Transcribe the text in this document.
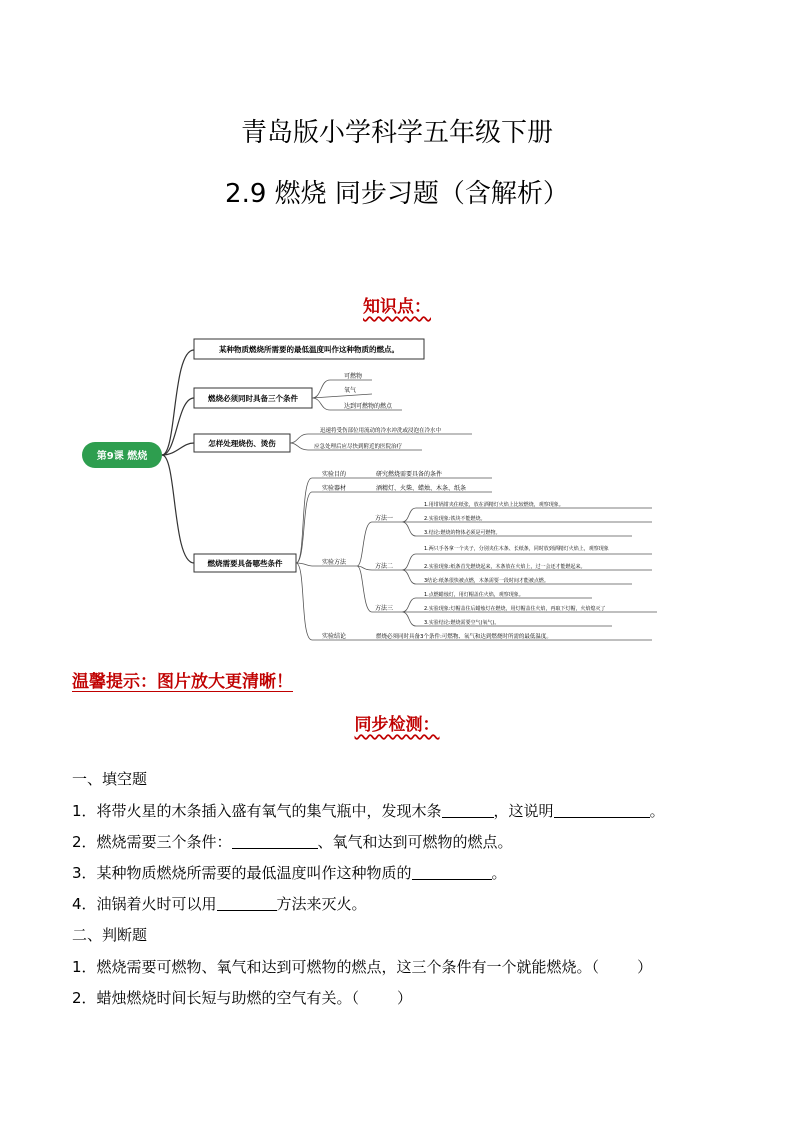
青岛版小学科学五年级下册
2.9 燃烧 同步习题（含解析）
知识点：
第9课 燃烧
某种物质燃烧所需要的最低温度叫作这种物质的燃点。
燃烧必须同时具备三个条件
可燃物
氧气
达到可燃物的燃点
怎样处理烧伤、烫伤
迅速将受伤部位用流动的冷水冲洗或浸泡在冷水中
应急处理后应尽快到附近的医院治疗
燃烧需要具备哪些条件
实验目的	研究燃烧需要具备的条件
实验器材	酒精灯、火柴、蜡烛、木条、纸条
实验方法
方法一
1.用坩埚钳夹住纸张，放在酒精灯火焰上比较燃烧，观察现象。
2.实验现象:铁块不能燃烧。
3.结论:燃烧的物体必须是可燃物。
方法二
1.两只手各拿一个夹子，分别夹住木条、长纸条，同时放到酒精灯火焰上，观察现象
2.实验现象:纸条首先燃烧起来，木条放在火焰上，过一会还才能燃起来。
3结论:纸条很快被点燃，木条需要一段时间才能被点燃。
方法三
1.点燃蜡烛灯，用灯帽盖住火焰，观察现象。
2.实验现象:灯帽盖住后蜡烛灯在燃烧，用灯帽盖住火焰，再取下灯帽，火焰熄灭了
3.实验结论:燃烧需要空气(氧气)。
实验结论	燃烧必须同时具备3个条件:可燃物、氧气和达到燃烧时所需的最低温度。
温馨提示：图片放大更清晰！
同步检测：
一、填空题
1．将带火星的木条插入盛有氧气的集气瓶中，发现木条	，这说明	。
2．燃烧需要三个条件：	、氧气和达到可燃物的燃点。
3．某种物质燃烧所需要的最低温度叫作这种物质的	。
4．油锅着火时可以用	方法来灭火。
二、判断题
1．燃烧需要可燃物、氧气和达到可燃物的燃点，这三个条件有一个就能燃烧。（	）
2．蜡烛燃烧时间长短与助燃的空气有关。（	）
